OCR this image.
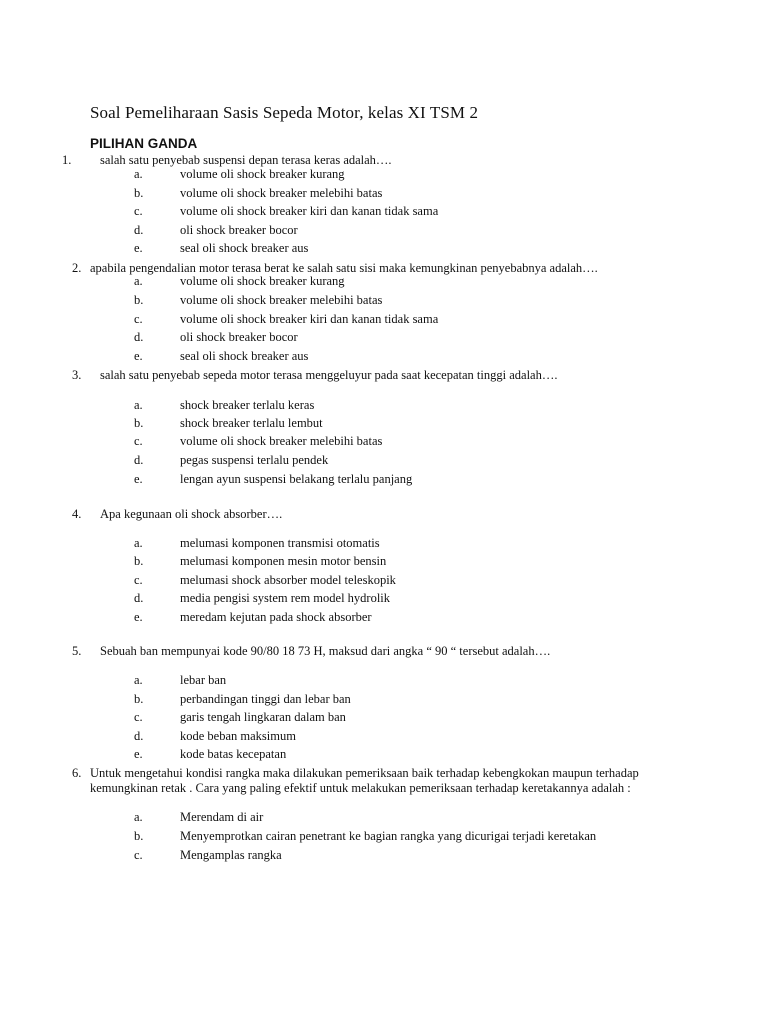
Soal Pemeliharaan Sasis Sepeda Motor, kelas XI TSM 2
PILIHAN GANDA
1. salah satu penyebab suspensi depan terasa keras adalah….
a.	volume oli shock breaker kurang
b.	volume oli shock breaker melebihi batas
c.	volume oli shock breaker kiri dan kanan tidak sama
d.	oli shock breaker bocor
e.	seal oli shock breaker aus
2. apabila pengendalian motor terasa berat ke salah satu sisi maka kemungkinan penyebabnya adalah….
a.	volume oli shock breaker kurang
b.	volume oli shock breaker melebihi batas
c.	volume oli shock breaker kiri dan kanan tidak sama
d.	oli shock breaker bocor
e.	seal oli shock breaker aus
3. salah satu penyebab sepeda motor terasa menggeluyur pada saat kecepatan tinggi adalah….
a.	shock breaker terlalu keras
b.	shock breaker terlalu lembut
c.	volume oli shock breaker melebihi batas
d.	pegas suspensi terlalu pendek
e.	lengan ayun suspensi belakang terlalu panjang
4. Apa kegunaan oli shock absorber….
a.	melumasi komponen transmisi otomatis
b.	melumasi komponen mesin motor bensin
c.	melumasi shock absorber model teleskopik
d.	media pengisi system rem model hydrolik
e.	meredam kejutan pada shock absorber
5. Sebuah ban mempunyai kode 90/80 18 73 H, maksud dari angka “ 90 “ tersebut adalah….
a.	lebar ban
b.	perbandingan tinggi dan lebar ban
c.	garis tengah lingkaran dalam ban
d.	kode beban maksimum
e.	kode batas kecepatan
6. Untuk mengetahui kondisi rangka maka dilakukan pemeriksaan baik terhadap kebengkokan maupun terhadap kemungkinan retak . Cara yang paling efektif untuk melakukan pemeriksaan terhadap keretakannya adalah :
a.	Merendam di air
b.	Menyemprotkan cairan penetrant ke bagian rangka yang dicurigai terjadi keretakan
c.	Mengamplas rangka
